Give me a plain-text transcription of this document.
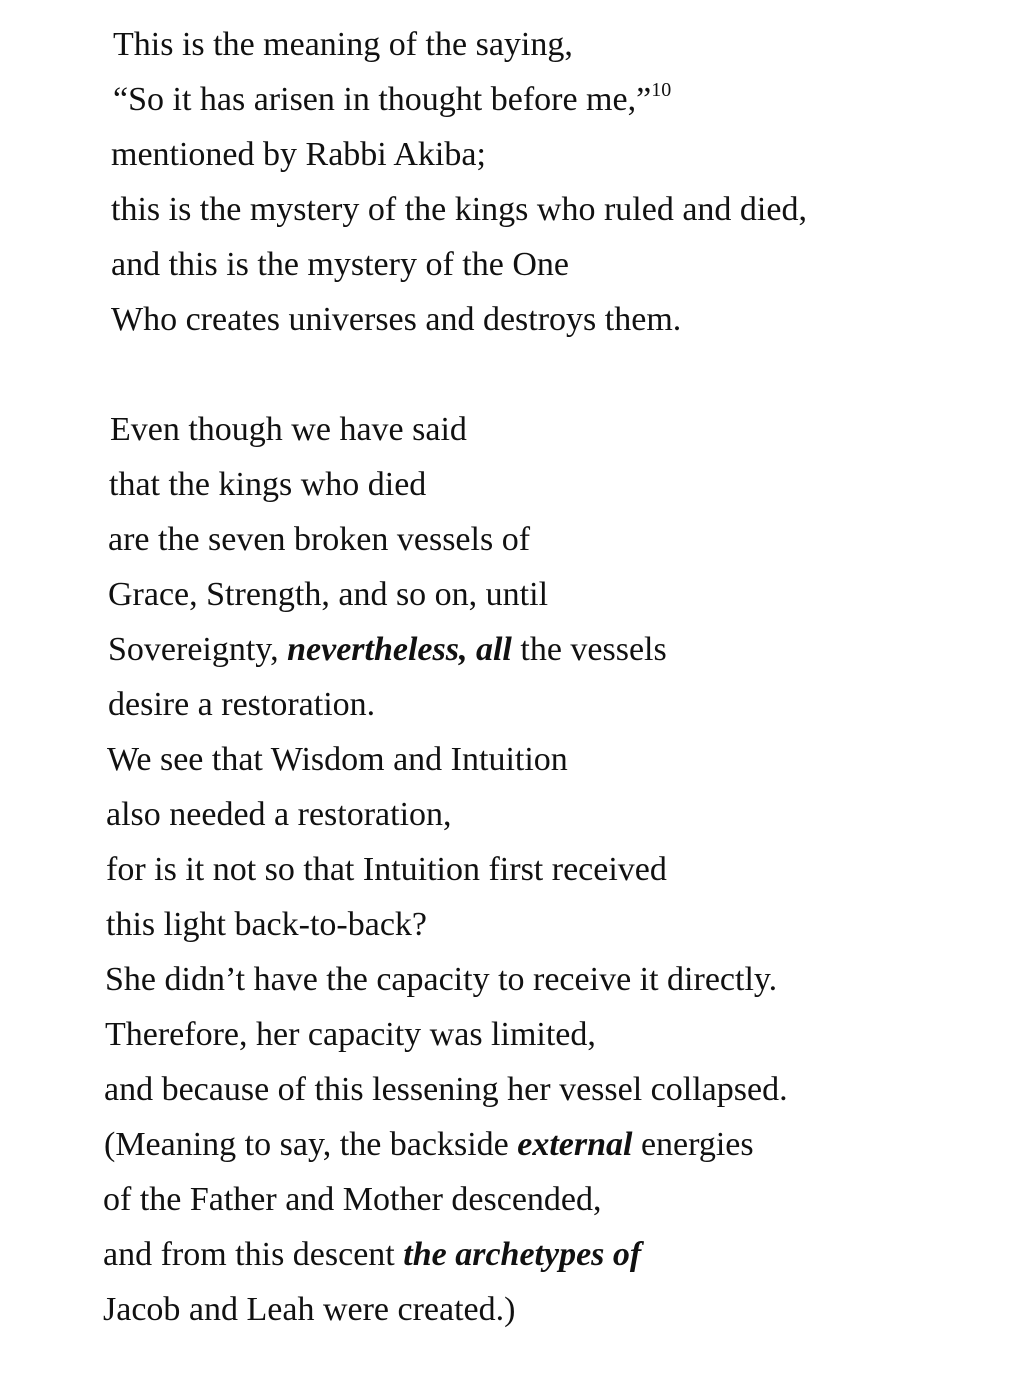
This is the meaning of the saying,
“So it has arisen in thought before me,”$^{10}$
mentioned by Rabbi Akiba;
this is the mystery of the kings who ruled and died,
and this is the mystery of the One
Who creates universes and destroys them.
Even though we have said
that the kings who died
are the seven broken vessels of
Grace, Strength, and so on, until
Sovereignty, nevertheless, all the vessels
desire a restoration.
We see that Wisdom and Intuition
also needed a restoration,
for is it not so that Intuition first received
this light back-to-back?
She didn’t have the capacity to receive it directly.
Therefore, her capacity was limited,
and because of this lessening her vessel collapsed.
(Meaning to say, the backside external energies
of the Father and Mother descended,
and from this descent the archetypes of
Jacob and Leah were created.)
